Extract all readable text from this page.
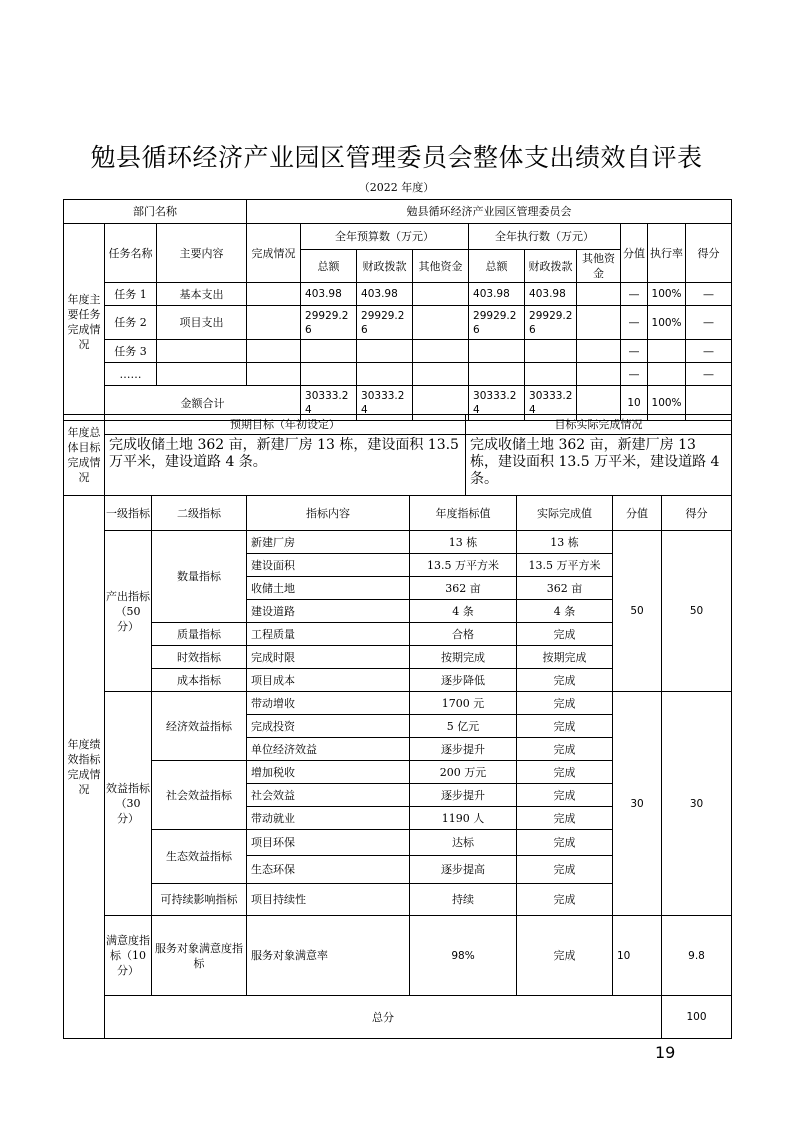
勉县循环经济产业园区管理委员会整体支出绩效自评表
（2022 年度）
部门名称			勉县循环经济产业园区管理委员会									
年度主要任务完成情况	任务名称	主要内容	完成情况	全年预算数（万元）			全年执行数（万元）			分值	执行率	得分
				总额	财政拨款	其他资金	总额	财政拨款	其他资金			
	任务 1	基本支出		403.98	403.98		403.98	403.98		—	100%	—
	任务 2	项目支出		29929.26	29929.26		29929.26	29929.26		—	100%	—
	任务 3									—		—
	……									—		—
	金额合计			30333.24	30333.24		30333.24	30333.24		10	100%	
年度总体目标完成情况	预期目标（年初设定）	目标实际完成情况
	完成收储土地 362 亩，新建厂房 13 栋，建设面积 13.5 万平米，建设道路 4 条。	完成收储土地 362 亩，新建厂房 13 栋，建设面积 13.5 万平米，建设道路 4 条。
年度绩效指标完成情况	一级指标	二级指标	指标内容	年度指标值	实际完成值	分值	得分	
	产出指标（50 分）	数量指标	新建厂房	13 栋	13 栋	50	50	
			建设面积	13.5 万平方米	13.5 万平方米			
			收储土地	362 亩	362 亩			
			建设道路	4 条	4 条			
		质量指标	工程质量	合格	完成			
		时效指标	完成时限	按期完成	按期完成			
		成本指标	项目成本	逐步降低	完成			
	效益指标（30 分）	经济效益指标	带动增收	1700 元	完成	30	30	
			完成投资	5 亿元	完成			
			单位经济效益	逐步提升	完成			
		社会效益指标	增加税收	200 万元	完成			
			社会效益	逐步提升	完成			
			带动就业	1190 人	完成			
		生态效益指标	项目环保	达标	完成			
			生态环保	逐步提高	完成			
		可持续影响指标	项目持续性	持续	完成			
	满意度指标（10 分）	服务对象满意度指标	服务对象满意率	98%	完成	10	9.8	
	总分						100	
19
